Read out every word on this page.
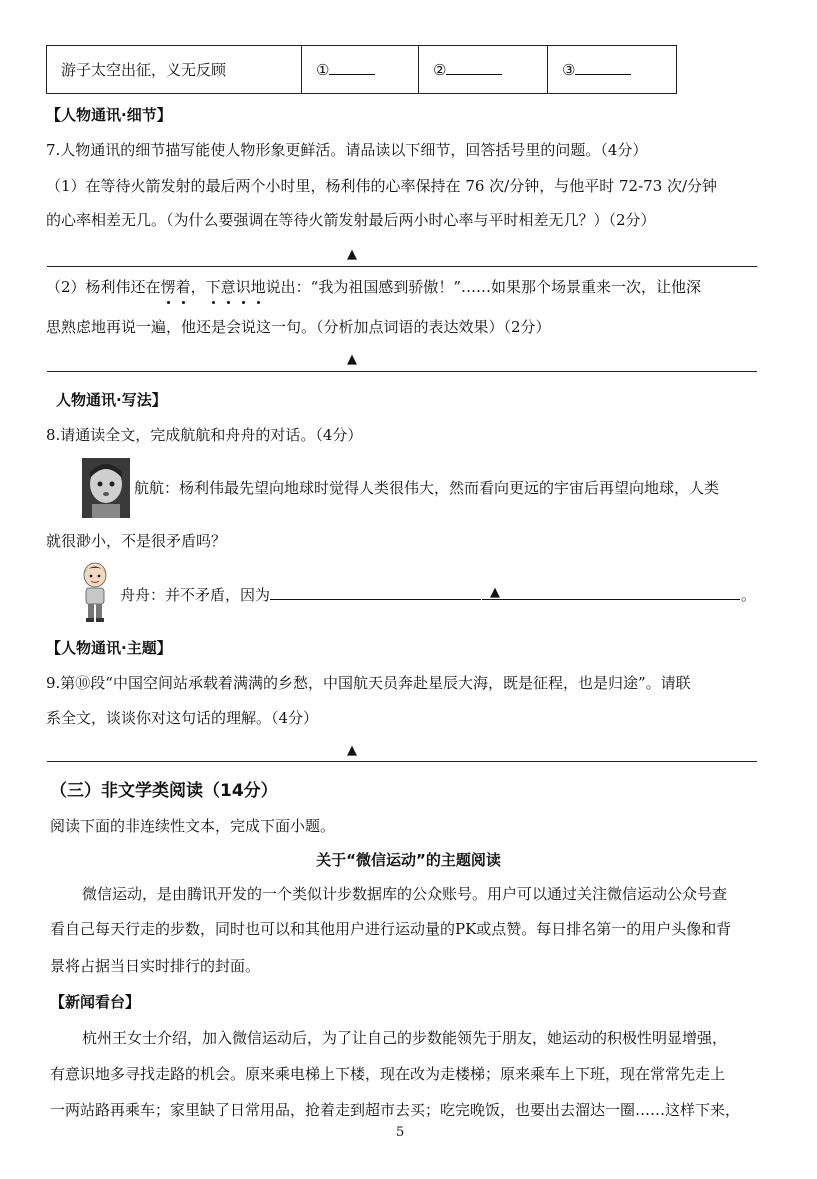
游子太空出征，义无反顾	①	②	③
【人物通讯·细节】
7.人物通讯的细节描写能使人物形象更鲜活。请品读以下细节，回答括号里的问题。（4分）
（1）在等待火箭发射的最后两个小时里，杨利伟的心率保持在 76 次/分钟，与他平时 72-73 次/分钟
的心率相差无几。（为什么要强调在等待火箭发射最后两小时心率与平时相差无几？）（2分）
▲
（2）杨利伟还在愣着，下意识地说出：“我为祖国感到骄傲！”……如果那个场景重来一次，让他深
思熟虑地再说一遍，他还是会说这一句。（分析加点词语的表达效果）（2分）
▲
人物通讯·写法】
8.请通读全文，完成航航和舟舟的对话。（4分）
航航：杨利伟最先望向地球时觉得人类很伟大，然而看向更远的宇宙后再望向地球，人类
就很渺小，不是很矛盾吗？
舟舟：并不矛盾，因为	▲	。
【人物通讯·主题】
9.第⑩段“中国空间站承载着满满的乡愁，中国航天员奔赴星辰大海，既是征程，也是归途”。请联
系全文，谈谈你对这句话的理解。（4分）
▲
（三）非文学类阅读（14分）
阅读下面的非连续性文本，完成下面小题。
关于“微信运动”的主题阅读
微信运动，是由腾讯开发的一个类似计步数据库的公众账号。用户可以通过关注微信运动公众号查
看自己每天行走的步数，同时也可以和其他用户进行运动量的PK或点赞。每日排名第一的用户头像和背
景将占据当日实时排行的封面。
【新闻看台】
杭州王女士介绍，加入微信运动后，为了让自己的步数能领先于朋友，她运动的积极性明显增强，
有意识地多寻找走路的机会。原来乘电梯上下楼，现在改为走楼梯；原来乘车上下班，现在常常先走上
一两站路再乘车；家里缺了日常用品，抢着走到超市去买；吃完晚饭，也要出去溜达一圈……这样下来，
5
